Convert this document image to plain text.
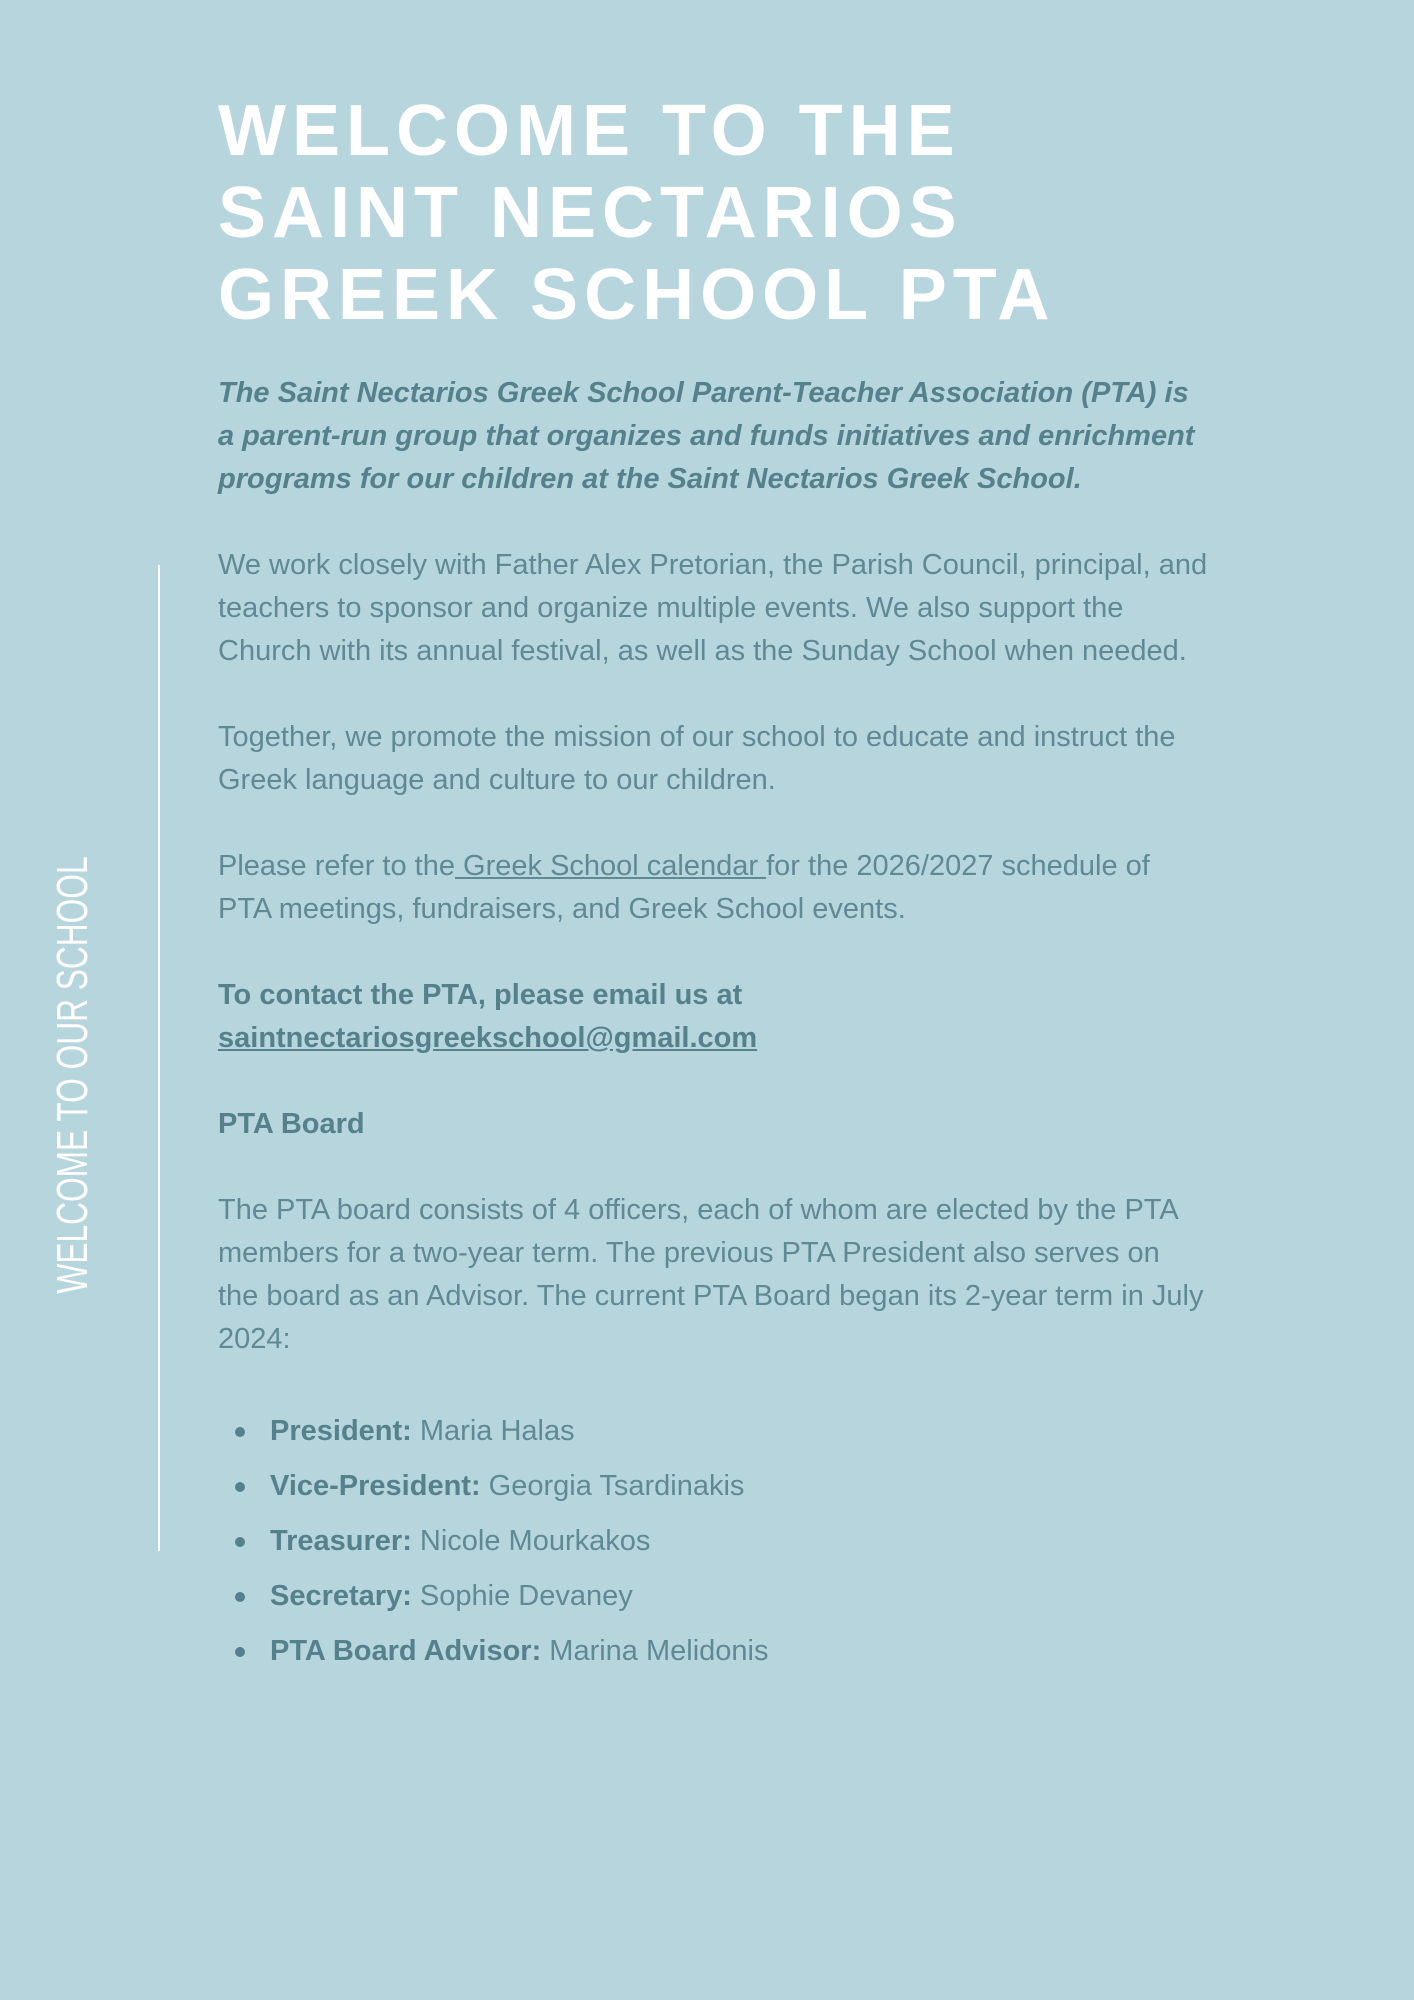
WELCOME TO OUR SCHOOL
WELCOME TO THE SAINT NECTARIOS GREEK SCHOOL PTA

The Saint Nectarios Greek School Parent-Teacher Association (PTA) is a parent-run group that organizes and funds initiatives and enrichment programs for our children at the Saint Nectarios Greek School.

We work closely with Father Alex Pretorian, the Parish Council, principal, and teachers to sponsor and organize multiple events. We also support the Church with its annual festival, as well as the Sunday School when needed.

Together, we promote the mission of our school to educate and instruct the Greek language and culture to our children.

Please refer to the Greek School calendar for the 2026/2027 schedule of PTA meetings, fundraisers, and Greek School events.

To contact the PTA, please email us at
saintnectariosgreekschool@gmail.com

PTA Board

The PTA board consists of 4 officers, each of whom are elected by the PTA members for a two-year term. The previous PTA President also serves on the board as an Advisor. The current PTA Board began its 2-year term in July 2024:

President: Maria Halas
Vice-President: Georgia Tsardinakis
Treasurer: Nicole Mourkakos
Secretary: Sophie Devaney
PTA Board Advisor: Marina Melidonis
